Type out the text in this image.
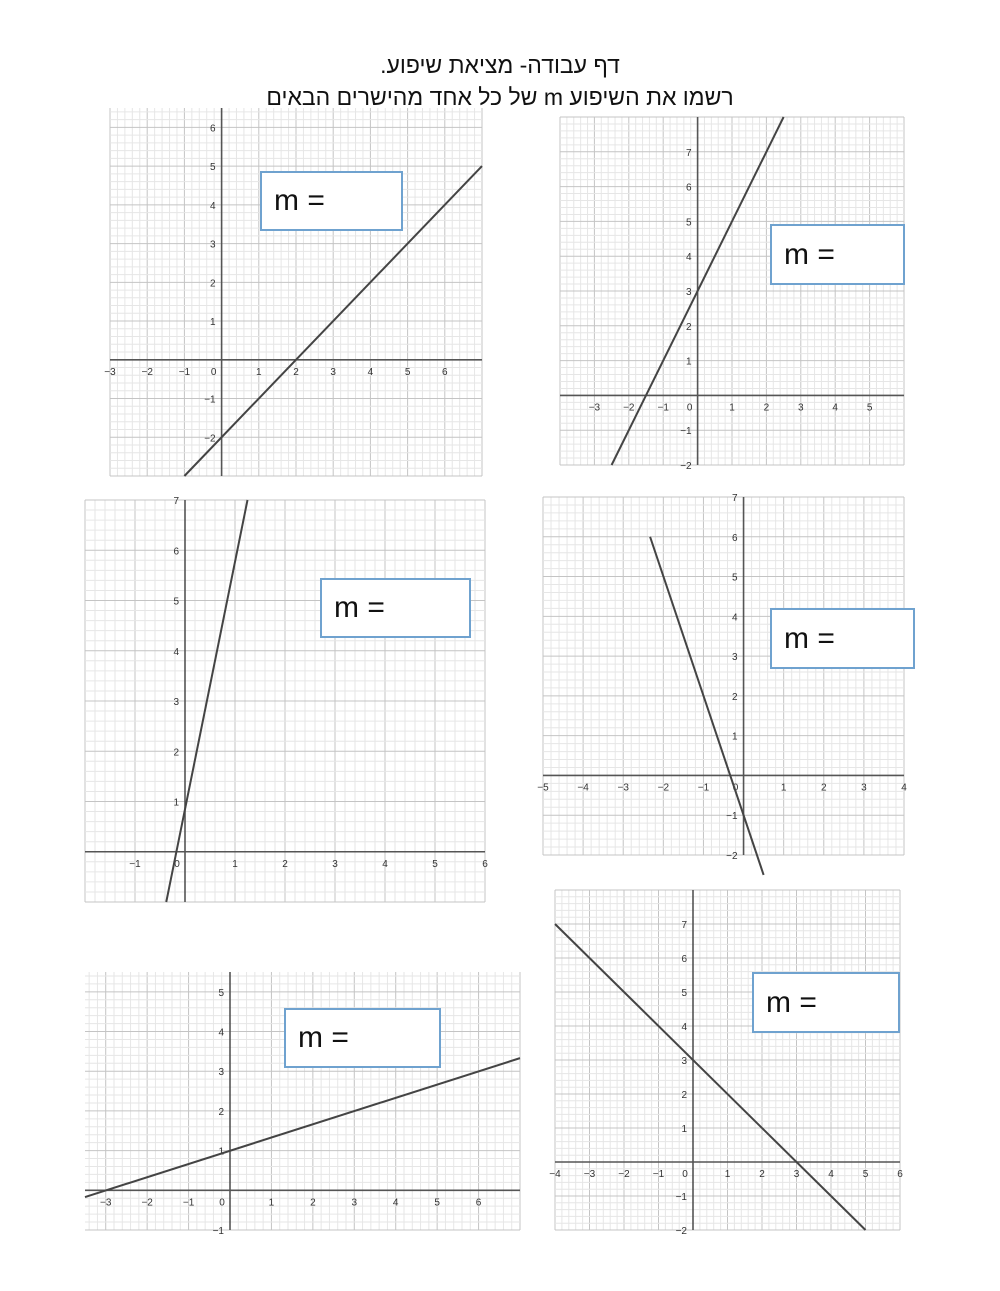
דף עבודה- מציאת שיפוע.
רשמו את השיפוע m של כל אחד מהישרים הבאים
−3	−2	−1 0	1	2	3	4	5	6
−2
−1
1
2
3
4
5
6
−3 −2 −1 0	1	2	3	4	5
−2
−1
1
2
3
4
5
6
7
−1	0	1	2	3	4	5	6
1
2
3
4
5
6
7
−5	−4	−3	−2	−1 0	1	2	3	4
−2
−1
1
2
3
4
5
6
7
−3	−2	−1 0	1	2	3	4	5	6
−1
1
2
3
4
5
−4 −3 −2 −1 0	1	2	3	4	5	6
−2
−1
1
2
3
4
5
6
7
m =
m =
m =
m =
m =
m =
